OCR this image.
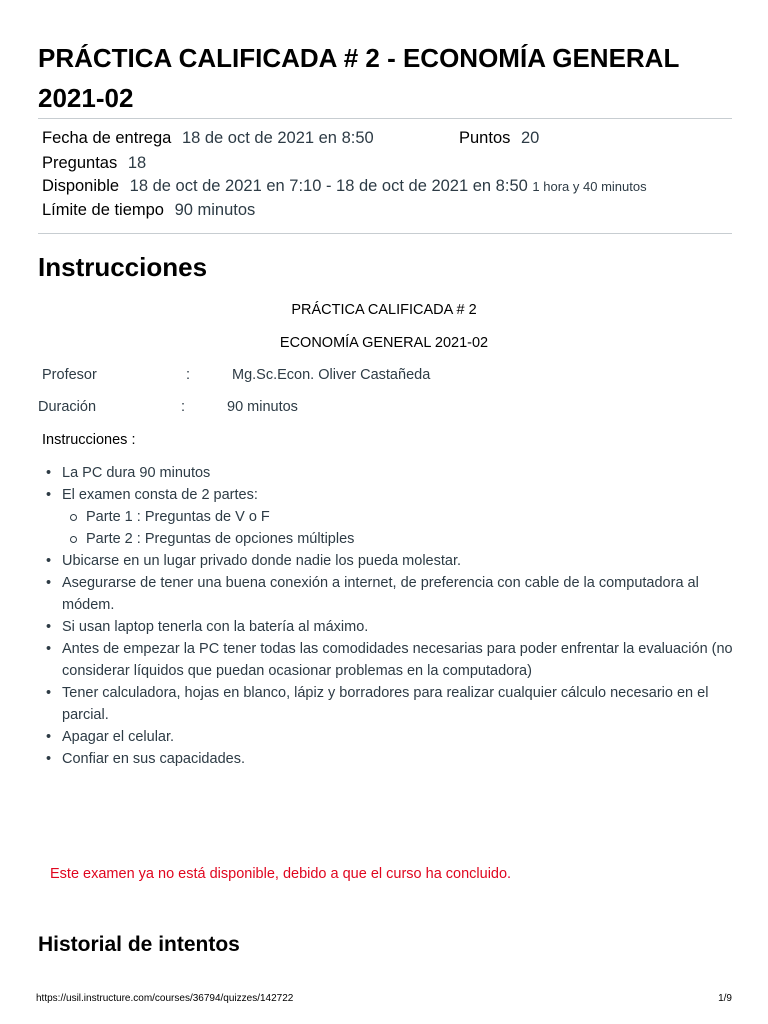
PRÁCTICA CALIFICADA # 2 - ECONOMÍA GENERAL 2021-02
Fecha de entrega 18 de oct de 2021 en 8:50	Puntos 20
Preguntas 18
Disponible 18 de oct de 2021 en 7:10 - 18 de oct de 2021 en 8:50 1 hora y 40 minutos
Límite de tiempo 90 minutos
Instrucciones
PRÁCTICA CALIFICADA # 2
ECONOMÍA GENERAL 2021-02
Profesor	:	Mg.Sc.Econ. Oliver Castañeda
Duración	:	90 minutos
Instrucciones :
• La PC dura 90 minutos
• El examen consta de 2 partes:
Parte 1 : Preguntas de V o F
Parte 2 : Preguntas de opciones múltiples
• Ubicarse en un lugar privado donde nadie los pueda molestar.
• Asegurarse de tener una buena conexión a internet, de preferencia con cable de la computadora al módem.
• Si usan laptop tenerla con la batería al máximo.
• Antes de empezar la PC tener todas las comodidades necesarias para poder enfrentar la evaluación (no considerar líquidos que puedan ocasionar problemas en la computadora)
• Tener calculadora, hojas en blanco, lápiz y borradores para realizar cualquier cálculo necesario en el parcial.
• Apagar el celular.
• Confiar en sus capacidades.
Este examen ya no está disponible, debido a que el curso ha concluido.
Historial de intentos
https://usil.instructure.com/courses/36794/quizzes/142722	1/9
